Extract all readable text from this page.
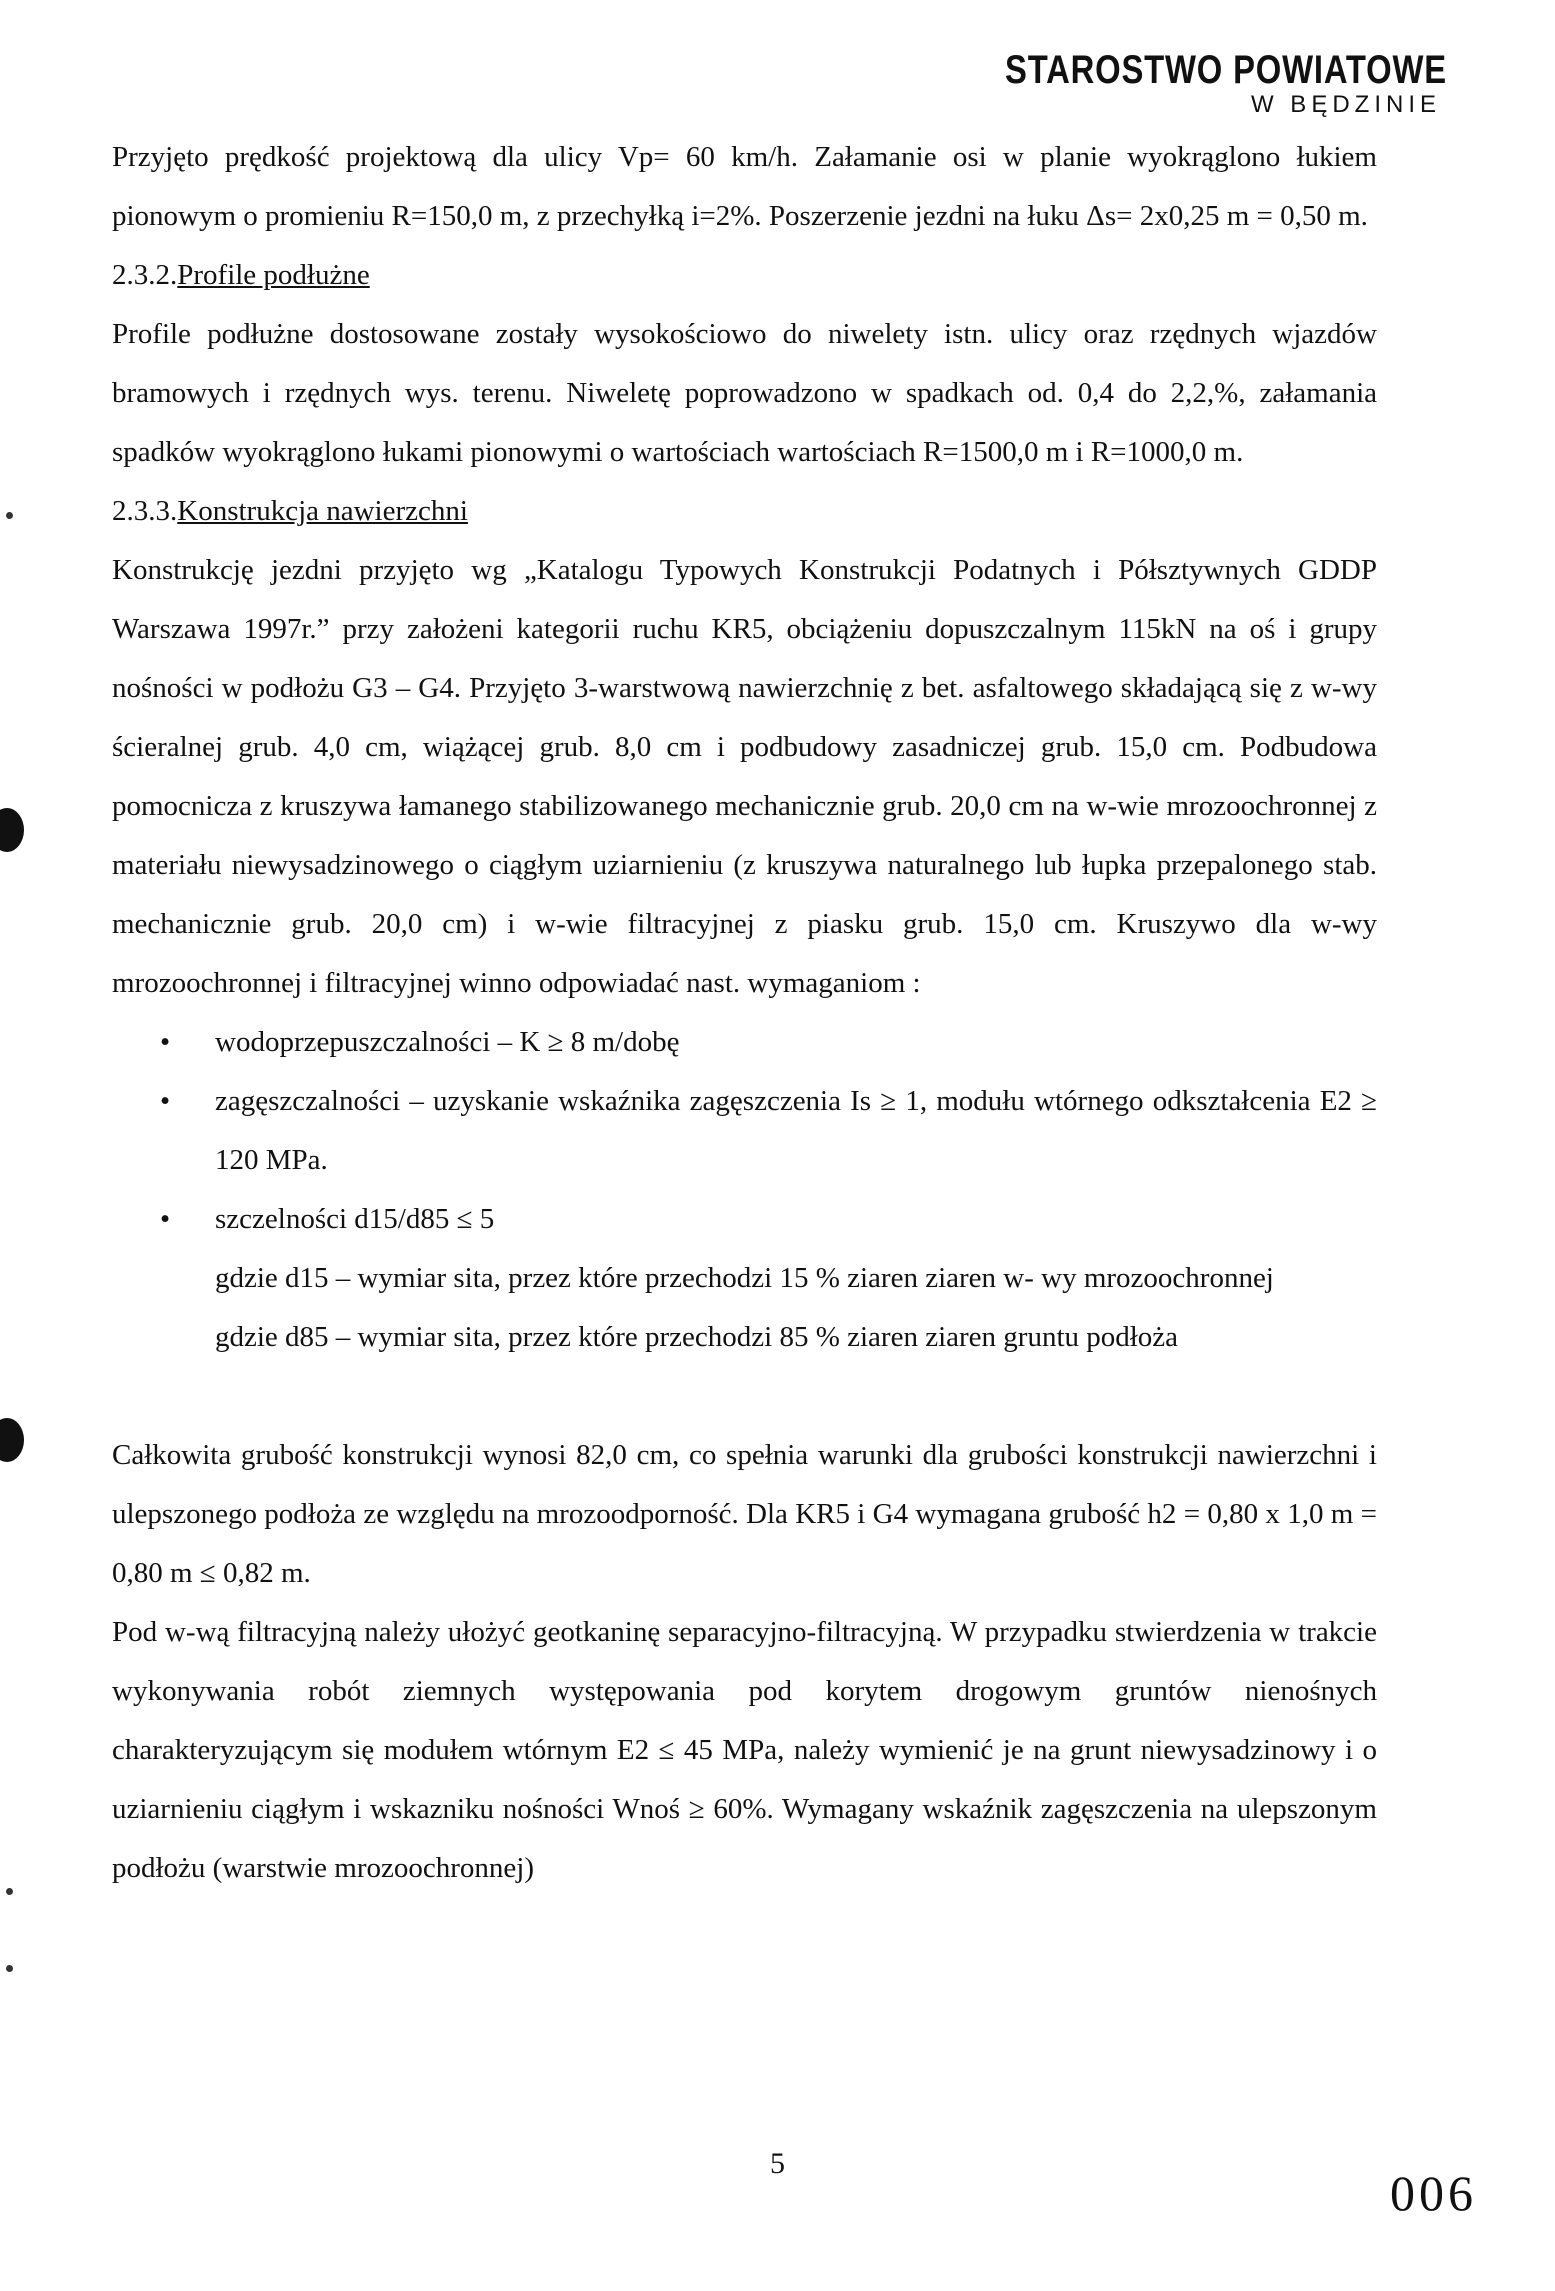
STAROSTWO POWIATOWE
W BĘDZINIE

Przyjęto prędkość projektową dla ulicy Vp= 60 km/h. Załamanie osi w planie wyokrąglono łukiem pionowym o promieniu R=150,0 m, z przechyłką i=2%. Poszerzenie jezdni na łuku Δs= 2x0,25 m = 0,50 m.

2.3.2.Profile podłużne

Profile podłużne dostosowane zostały wysokościowo do niwelety istn. ulicy oraz rzędnych wjazdów bramowych i rzędnych wys. terenu. Niweletę poprowadzono w spadkach od. 0,4 do 2,2,%, załamania spadków wyokrąglono łukami pionowymi o wartościach wartościach R=1500,0 m i R=1000,0 m.

2.3.3.Konstrukcja nawierzchni

Konstrukcję jezdni przyjęto wg „Katalogu Typowych Konstrukcji Podatnych i Półsztywnych GDDP Warszawa 1997r.” przy założeni kategorii ruchu KR5, obciążeniu dopuszczalnym 115kN na oś i grupy nośności w podłożu G3 – G4. Przyjęto 3-warstwową nawierzchnię z bet. asfaltowego składającą się z w-wy ścieralnej grub. 4,0 cm, wiążącej grub. 8,0 cm i podbudowy zasadniczej grub. 15,0 cm. Podbudowa pomocnicza z kruszywa łamanego stabilizowanego mechanicznie grub. 20,0 cm na w-wie mrozoochronnej z materiału niewysadzinowego o ciągłym uziarnieniu (z kruszywa naturalnego lub łupka przepalonego stab. mechanicznie grub. 20,0 cm) i w-wie filtracyjnej z piasku grub. 15,0 cm. Kruszywo dla w-wy mrozoochronnej i filtracyjnej winno odpowiadać nast. wymaganiom :

• wodoprzepuszczalności – K ≥ 8 m/dobę
• zagęszczalności – uzyskanie wskaźnika zagęszczenia Is ≥ 1, modułu wtórnego odkształcenia E2 ≥ 120 MPa.
• szczelności d15/d85 ≤ 5

gdzie d15 – wymiar sita, przez które przechodzi 15 % ziaren ziaren w- wy mrozoochronnej

gdzie d85 – wymiar sita, przez które przechodzi 85 % ziaren ziaren gruntu podłoża

Całkowita grubość konstrukcji wynosi 82,0 cm, co spełnia warunki dla grubości konstrukcji nawierzchni i ulepszonego podłoża ze względu na mrozoodporność. Dla KR5 i G4 wymagana grubość h2 = 0,80 x 1,0 m = 0,80 m ≤ 0,82 m.

Pod w-wą filtracyjną należy ułożyć geotkaninę separacyjno-filtracyjną. W przypadku stwierdzenia w trakcie wykonywania robót ziemnych występowania pod korytem drogowym gruntów nienośnych charakteryzującym się modułem wtórnym E2 ≤ 45 MPa, należy wymienić je na grunt niewysadzinowy i o uziarnieniu ciągłym i wskazniku nośności Wnoś ≥ 60%. Wymagany wskaźnik zagęszczenia na ulepszonym podłożu (warstwie mrozoochronnej)

5
006
